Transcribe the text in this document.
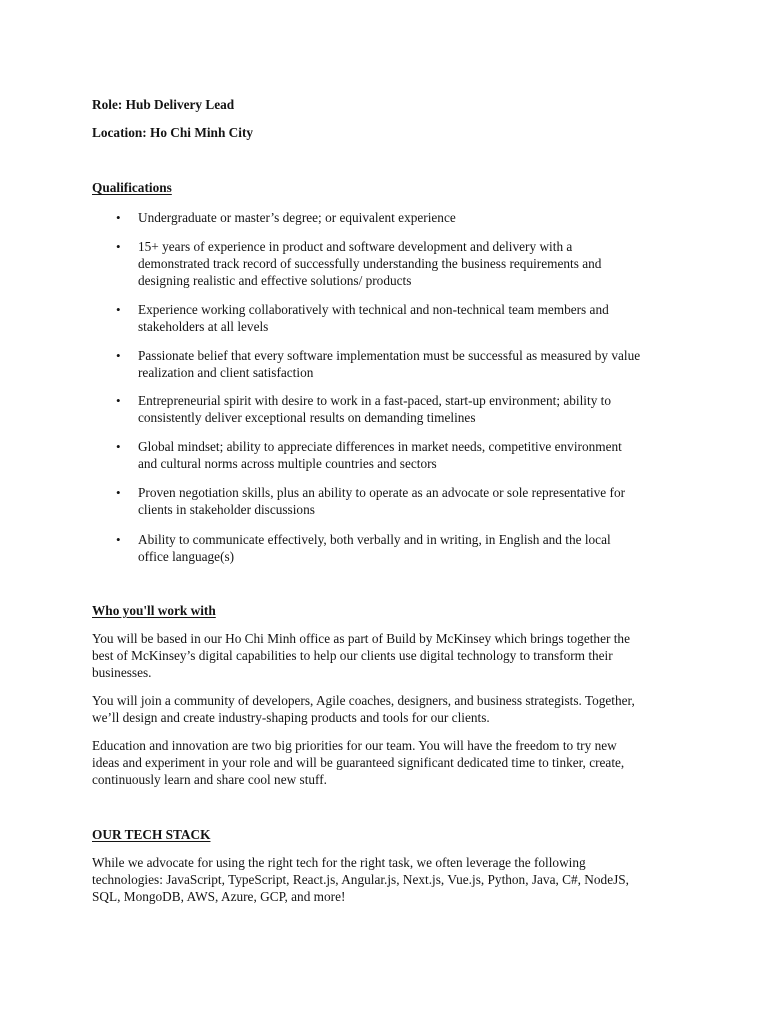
Role: Hub Delivery Lead
Location: Ho Chi Minh City
Qualifications
• Undergraduate or master’s degree; or equivalent experience
• 15+ years of experience in product and software development and delivery with a
demonstrated track record of successfully understanding the business requirements and
designing realistic and effective solutions/ products
• Experience working collaboratively with technical and non-technical team members and
stakeholders at all levels
• Passionate belief that every software implementation must be successful as measured by value
realization and client satisfaction
• Entrepreneurial spirit with desire to work in a fast-paced, start-up environment; ability to
consistently deliver exceptional results on demanding timelines
• Global mindset; ability to appreciate differences in market needs, competitive environment
and cultural norms across multiple countries and sectors
• Proven negotiation skills, plus an ability to operate as an advocate or sole representative for
clients in stakeholder discussions
• Ability to communicate effectively, both verbally and in writing, in English and the local
office language(s)
Who you'll work with
You will be based in our Ho Chi Minh office as part of Build by McKinsey which brings together the
best of McKinsey’s digital capabilities to help our clients use digital technology to transform their
businesses.
You will join a community of developers, Agile coaches, designers, and business strategists. Together,
we’ll design and create industry-shaping products and tools for our clients.
Education and innovation are two big priorities for our team. You will have the freedom to try new
ideas and experiment in your role and will be guaranteed significant dedicated time to tinker, create,
continuously learn and share cool new stuff.
OUR TECH STACK
While we advocate for using the right tech for the right task, we often leverage the following
technologies: JavaScript, TypeScript, React.js, Angular.js, Next.js, Vue.js, Python, Java, C#, NodeJS,
SQL, MongoDB, AWS, Azure, GCP, and more!
